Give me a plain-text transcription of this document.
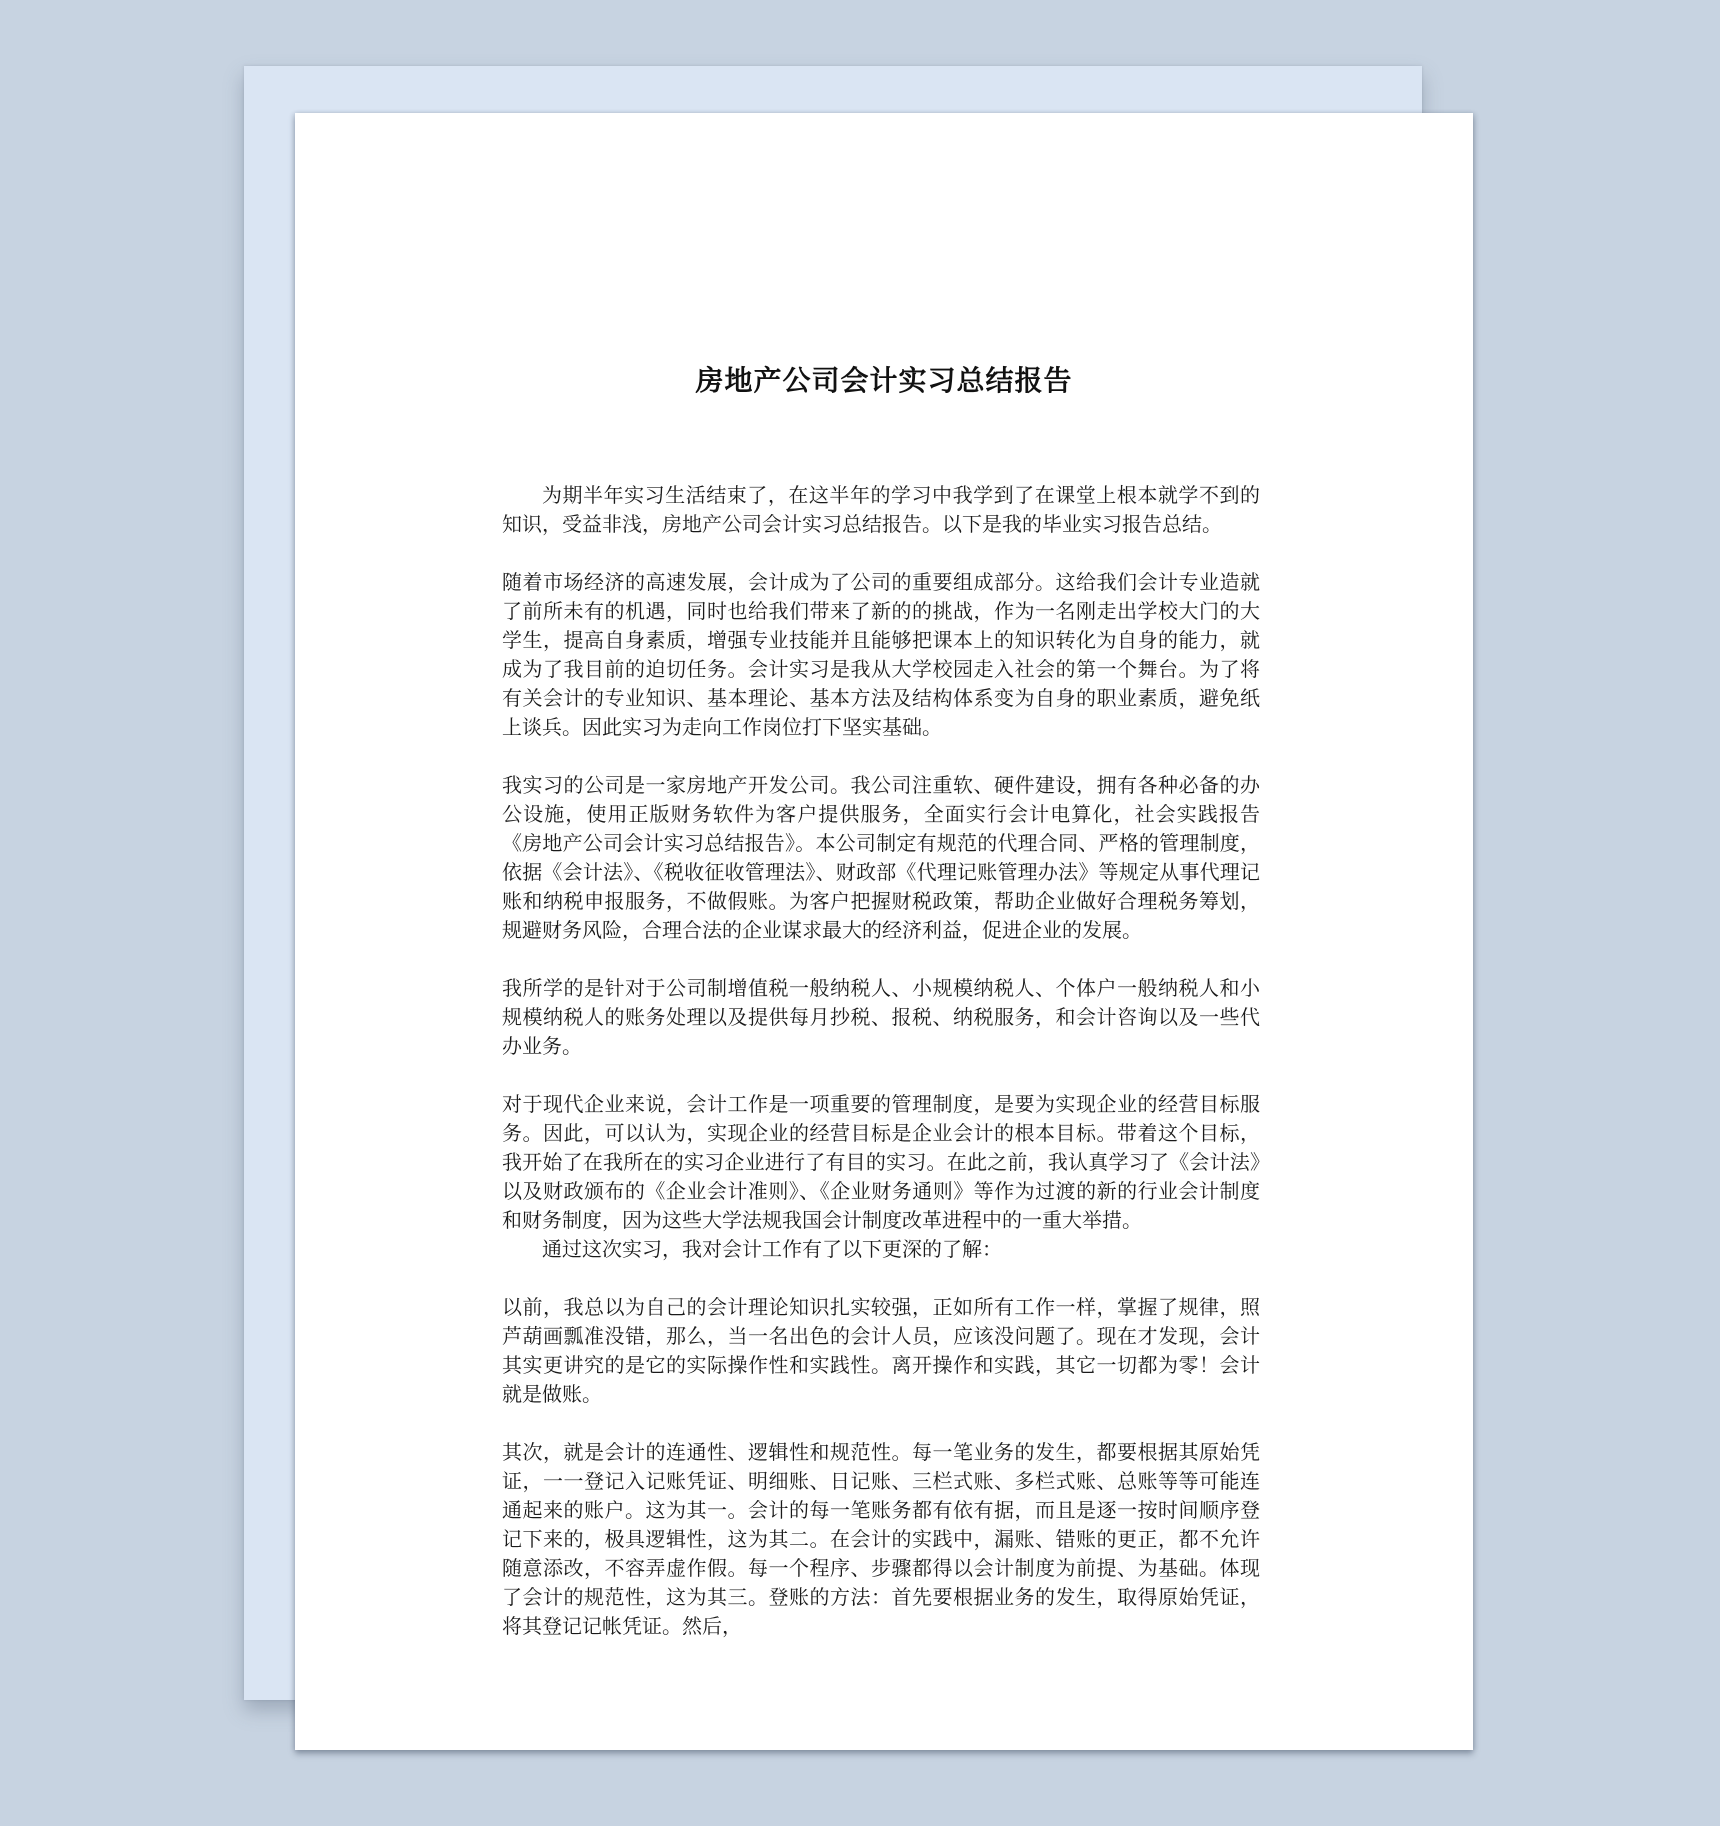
房地产公司会计实习总结报告

为期半年实习生活结束了，在这半年的学习中我学到了在课堂上根本就学不到的知识，受益非浅，房地产公司会计实习总结报告。以下是我的毕业实习报告总结。

随着市场经济的高速发展，会计成为了公司的重要组成部分。这给我们会计专业造就了前所未有的机遇，同时也给我们带来了新的的挑战，作为一名刚走出学校大门的大学生，提高自身素质，增强专业技能并且能够把课本上的知识转化为自身的能力，就成为了我目前的迫切任务。会计实习是我从大学校园走入社会的第一个舞台。为了将有关会计的专业知识、基本理论、基本方法及结构体系变为自身的职业素质，避免纸上谈兵。因此实习为走向工作岗位打下坚实基础。

我实习的公司是一家房地产开发公司。我公司注重软、硬件建设，拥有各种必备的办公设施，使用正版财务软件为客户提供服务，全面实行会计电算化，社会实践报告《房地产公司会计实习总结报告》。本公司制定有规范的代理合同、严格的管理制度，依据《会计法》、《税收征收管理法》、财政部《代理记账管理办法》等规定从事代理记账和纳税申报服务，不做假账。为客户把握财税政策，帮助企业做好合理税务筹划，规避财务风险，合理合法的企业谋求最大的经济利益，促进企业的发展。

我所学的是针对于公司制增值税一般纳税人、小规模纳税人、个体户一般纳税人和小规模纳税人的账务处理以及提供每月抄税、报税、纳税服务，和会计咨询以及一些代办业务。

对于现代企业来说，会计工作是一项重要的管理制度，是要为实现企业的经营目标服务。因此，可以认为，实现企业的经营目标是企业会计的根本目标。带着这个目标，我开始了在我所在的实习企业进行了有目的实习。在此之前，我认真学习了《会计法》以及财政颁布的《企业会计准则》、《企业财务通则》等作为过渡的新的行业会计制度和财务制度，因为这些大学法规我国会计制度改革进程中的一重大举措。

通过这次实习，我对会计工作有了以下更深的了解：

以前，我总以为自己的会计理论知识扎实较强，正如所有工作一样，掌握了规律，照芦葫画瓢准没错，那么，当一名出色的会计人员，应该没问题了。现在才发现，会计其实更讲究的是它的实际操作性和实践性。离开操作和实践，其它一切都为零！会计就是做账。

其次，就是会计的连通性、逻辑性和规范性。每一笔业务的发生，都要根据其原始凭证，一一登记入记账凭证、明细账、日记账、三栏式账、多栏式账、总账等等可能连通起来的账户。这为其一。会计的每一笔账务都有依有据，而且是逐一按时间顺序登记下来的，极具逻辑性，这为其二。在会计的实践中，漏账、错账的更正，都不允许随意添改，不容弄虚作假。每一个程序、步骤都得以会计制度为前提、为基础。体现了会计的规范性，这为其三。登账的方法：首先要根据业务的发生，取得原始凭证，将其登记记帐凭证。然后，
